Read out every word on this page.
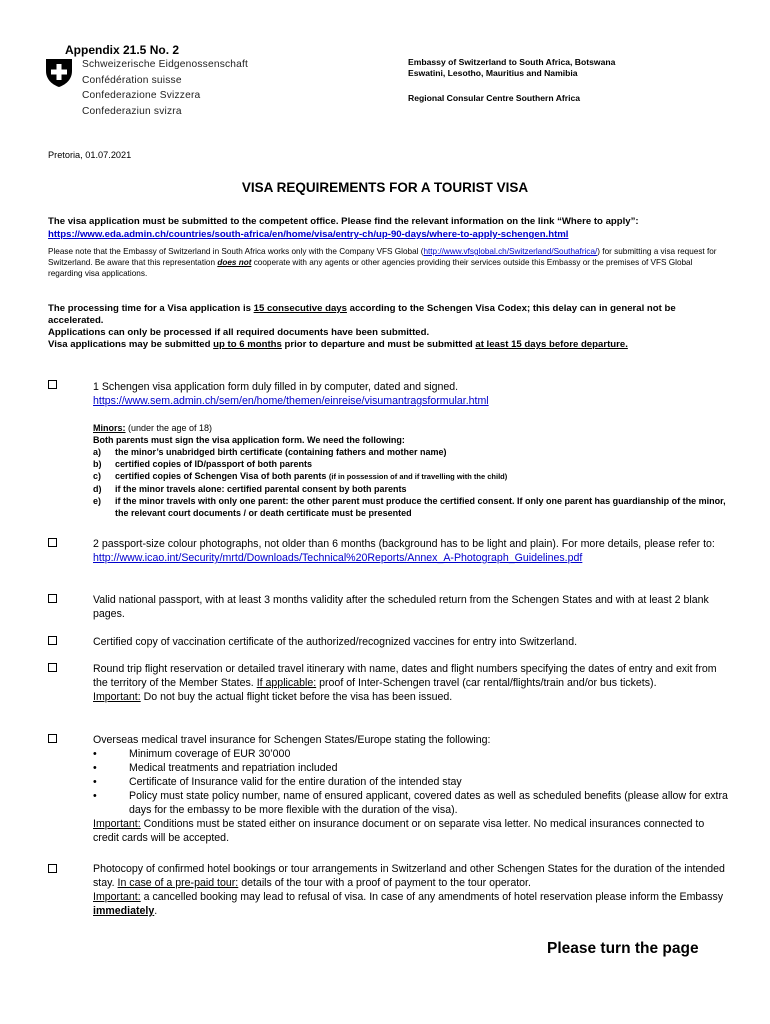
Appendix 21.5 No. 2
Schweizerische Eidgenossenschaft
Confédération suisse
Confederazione Svizzera
Confederaziun svizra
Embassy of Switzerland to South Africa, Botswana
Eswatini, Lesotho, Mauritius and Namibia
Regional Consular Centre Southern Africa
Pretoria, 01.07.2021
VISA REQUIREMENTS FOR A TOURIST VISA
The visa application must be submitted to the competent office. Please find the relevant information on the link “Where to apply”: https://www.eda.admin.ch/countries/south-africa/en/home/visa/entry-ch/up-90-days/where-to-apply-schengen.html
Please note that the Embassy of Switzerland in South Africa works only with the Company VFS Global (http://www.vfsglobal.ch/Switzerland/Southafrica/) for submitting a visa request for Switzerland. Be aware that this representation does not cooperate with any agents or other agencies providing their services outside this Embassy or the premises of VFS Global regarding visa applications.
The processing time for a Visa application is 15 consecutive days according to the Schengen Visa Codex; this delay can in general not be accelerated.
Applications can only be processed if all required documents have been submitted.
Visa applications may be submitted up to 6 months prior to departure and must be submitted at least 15 days before departure.
1 Schengen visa application form duly filled in by computer, dated and signed.
https://www.sem.admin.ch/sem/en/home/themen/einreise/visumantragsformular.html
Minors: (under the age of 18)
Both parents must sign the visa application form. We need the following:
a) the minor’s unabridged birth certificate (containing fathers and mother name)
b) certified copies of ID/passport of both parents
c) certified copies of Schengen Visa of both parents (if in possession of and if travelling with the child)
d) if the minor travels alone: certified parental consent by both parents
e) if the minor travels with only one parent: the other parent must produce the certified consent. If only one parent has guardianship of the minor, the relevant court documents / or death certificate must be presented
2 passport-size colour photographs, not older than 6 months (background has to be light and plain). For more details, please refer to: http://www.icao.int/Security/mrtd/Downloads/Technical%20Reports/Annex_A-Photograph_Guidelines.pdf
Valid national passport, with at least 3 months validity after the scheduled return from the Schengen States and with at least 2 blank pages.
Certified copy of vaccination certificate of the authorized/recognized vaccines for entry into Switzerland.
Round trip flight reservation or detailed travel itinerary with name, dates and flight numbers specifying the dates of entry and exit from the territory of the Member States. If applicable: proof of Inter-Schengen travel (car rental/flights/train and/or bus tickets).
Important: Do not buy the actual flight ticket before the visa has been issued.
Overseas medical travel insurance for Schengen States/Europe stating the following:
•	Minimum coverage of EUR 30’000
•	Medical treatments and repatriation included
•	Certificate of Insurance valid for the entire duration of the intended stay
•	Policy must state policy number, name of ensured applicant, covered dates as well as scheduled benefits (please allow for extra days for the embassy to be more flexible with the duration of the visa).
Important: Conditions must be stated either on insurance document or on separate visa letter. No medical insurances connected to credit cards will be accepted.
Photocopy of confirmed hotel bookings or tour arrangements in Switzerland and other Schengen States for the duration of the intended stay. In case of a pre-paid tour: details of the tour with a proof of payment to the tour operator.
Important: a cancelled booking may lead to refusal of visa. In case of any amendments of hotel reservation please inform the Embassy immediately.
Please turn the page
